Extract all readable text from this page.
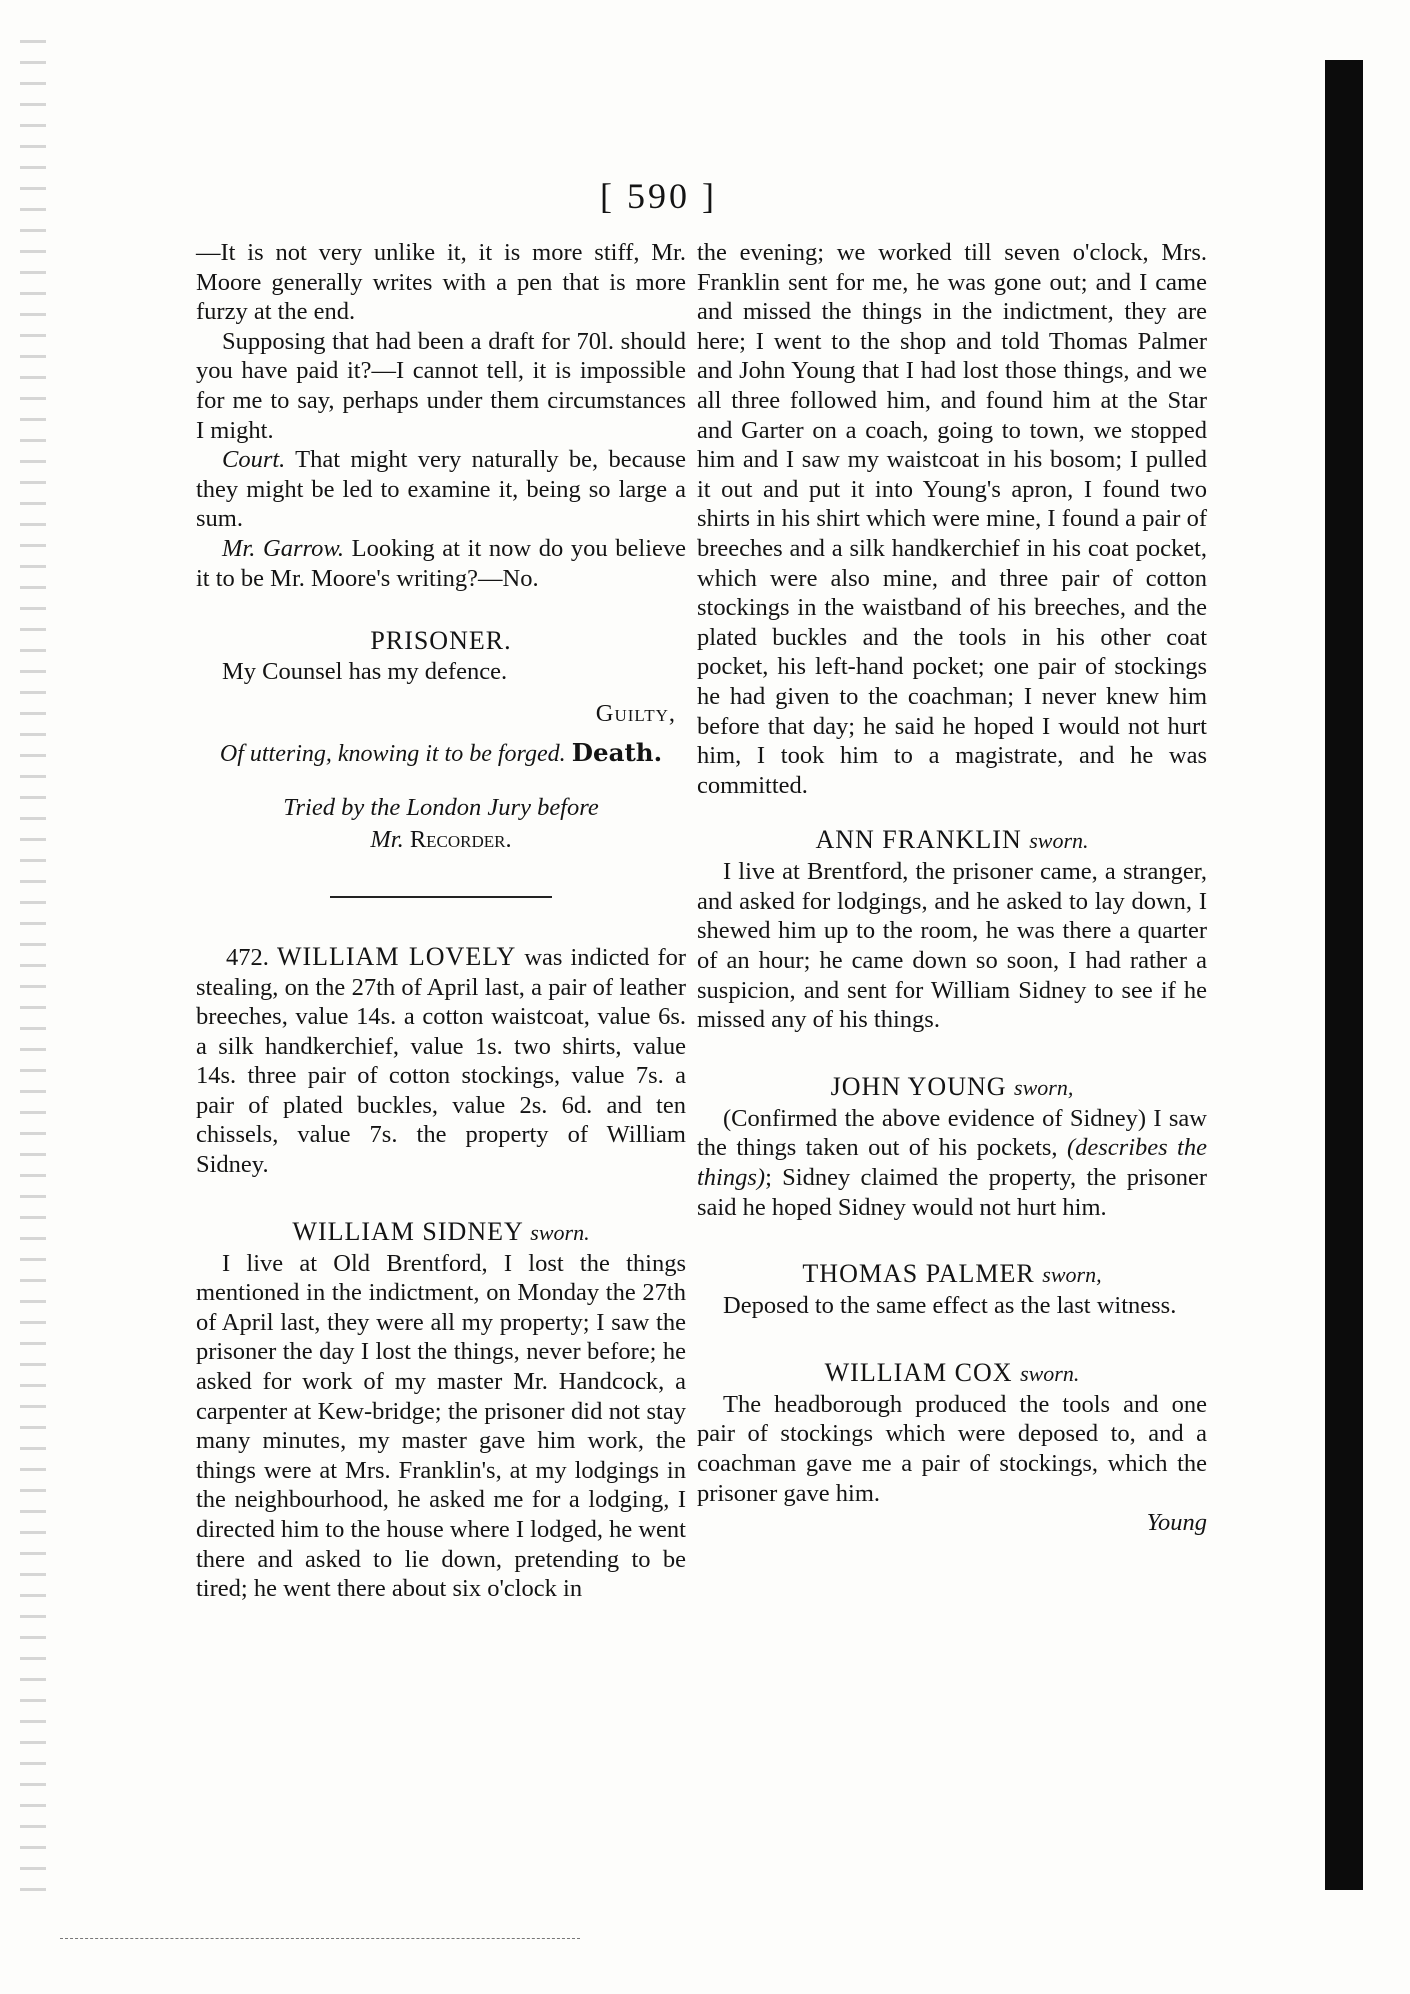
[ 590 ]

—It is not very unlike it, it is more stiff, Mr. Moore generally writes with a pen that is more furzy at the end.

Supposing that had been a draft for 70l. should you have paid it?—I cannot tell, it is impossible for me to say, perhaps under them circumstances I might.

Court. That might very naturally be, because they might be led to examine it, being so large a sum.

Mr. Garrow. Looking at it now do you believe it to be Mr. Moore's writing?—No.

PRISONER.

My Counsel has my defence.

Guilty,
Of uttering, knowing it to be forged. Death.
Tried by the London Jury before
Mr. Recorder.

472. WILLIAM LOVELY was indicted for stealing, on the 27th of April last, a pair of leather breeches, value 14s. a cotton waistcoat, value 6s. a silk handkerchief, value 1s. two shirts, value 14s. three pair of cotton stockings, value 7s. a pair of plated buckles, value 2s. 6d. and ten chissels, value 7s. the property of William Sidney.

WILLIAM SIDNEY sworn.

I live at Old Brentford, I lost the things mentioned in the indictment, on Monday the 27th of April last, they were all my property; I saw the prisoner the day I lost the things, never before; he asked for work of my master Mr. Handcock, a carpenter at Kew-bridge; the prisoner did not stay many minutes, my master gave him work, the things were at Mrs. Franklin's, at my lodgings in the neighbourhood, he asked me for a lodging, I directed him to the house where I lodged, he went there and asked to lie down, pretending to be tired; he went there about six o'clock in

the evening; we worked till seven o'clock, Mrs. Franklin sent for me, he was gone out; and I came and missed the things in the indictment, they are here; I went to the shop and told Thomas Palmer and John Young that I had lost those things, and we all three followed him, and found him at the Star and Garter on a coach, going to town, we stopped him and I saw my waistcoat in his bosom; I pulled it out and put it into Young's apron, I found two shirts in his shirt which were mine, I found a pair of breeches and a silk handkerchief in his coat pocket, which were also mine, and three pair of cotton stockings in the waistband of his breeches, and the plated buckles and the tools in his other coat pocket, his left-hand pocket; one pair of stockings he had given to the coachman; I never knew him before that day; he said he hoped I would not hurt him, I took him to a magistrate, and he was committed.

ANN FRANKLIN sworn.

I live at Brentford, the prisoner came, a stranger, and asked for lodgings, and he asked to lay down, I shewed him up to the room, he was there a quarter of an hour; he came down so soon, I had rather a suspicion, and sent for William Sidney to see if he missed any of his things.

JOHN YOUNG sworn,

(Confirmed the above evidence of Sidney) I saw the things taken out of his pockets, (describes the things); Sidney claimed the property, the prisoner said he hoped Sidney would not hurt him.

THOMAS PALMER sworn,

Deposed to the same effect as the last witness.

WILLIAM COX sworn.

The headborough produced the tools and one pair of stockings which were deposed to, and a coachman gave me a pair of stockings, which the prisoner gave him.

Young
